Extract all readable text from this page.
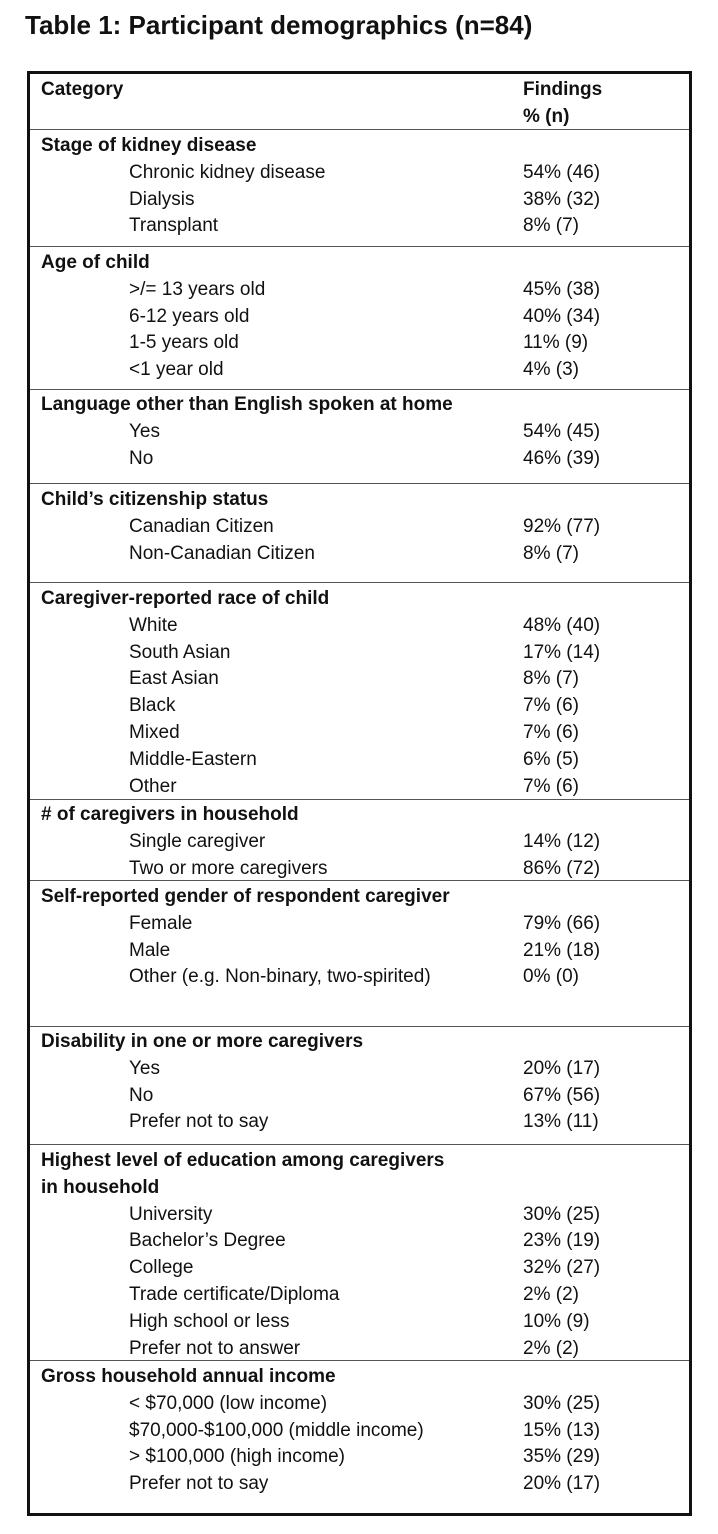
Table 1: Participant demographics (n=84)
Category	Findings
% (n)
Stage of kidney disease
Chronic kidney disease	54% (46)
Dialysis	38% (32)
Transplant	8% (7)
Age of child
>/= 13 years old	45% (38)
6-12 years old	40% (34)
1-5 years old	11% (9)
<1 year old	4% (3)
Language other than English spoken at home
Yes	54% (45)
No	46% (39)
Child’s citizenship status
Canadian Citizen	92% (77)
Non-Canadian Citizen	8% (7)
Caregiver-reported race of child
White	48% (40)
South Asian	17% (14)
East Asian	8% (7)
Black	7% (6)
Mixed	7% (6)
Middle-Eastern	6% (5)
Other	7% (6)
# of caregivers in household
Single caregiver	14% (12)
Two or more caregivers	86% (72)
Self-reported gender of respondent caregiver
Female	79% (66)
Male	21% (18)
Other (e.g. Non-binary, two-spirited)	0% (0)
Disability in one or more caregivers
Yes	20% (17)
No	67% (56)
Prefer not to say	13% (11)
Highest level of education among caregivers
in household
University	30% (25)
Bachelor’s Degree	23% (19)
College	32% (27)
Trade certificate/Diploma	2% (2)
High school or less	10% (9)
Prefer not to answer	2% (2)
Gross household annual income
< $70,000 (low income)	30% (25)
$70,000-$100,000 (middle income)	15% (13)
> $100,000 (high income)	35% (29)
Prefer not to say	20% (17)
